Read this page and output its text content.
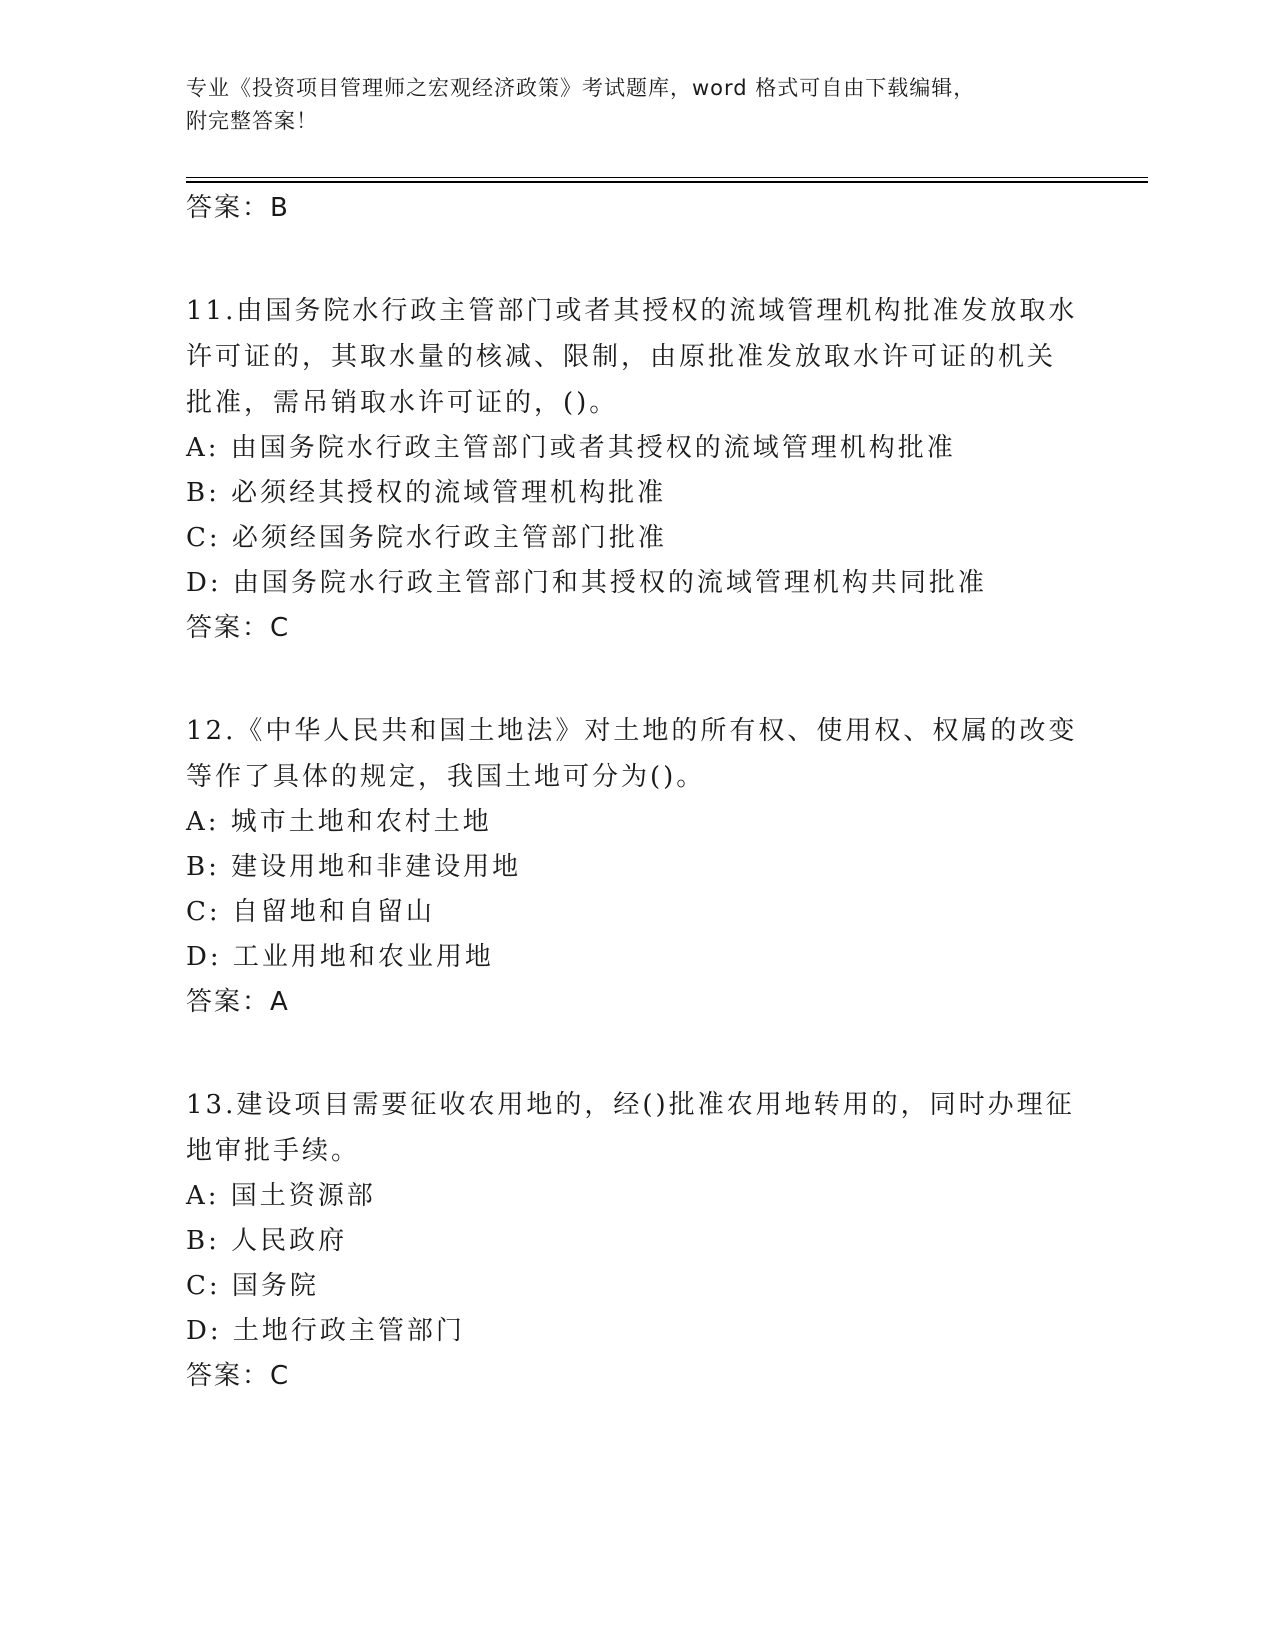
专业《投资项目管理师之宏观经济政策》考试题库，word 格式可自由下载编辑，
附完整答案！
答案：B
11.由国务院水行政主管部门或者其授权的流域管理机构批准发放取水
许可证的，其取水量的核减、限制，由原批准发放取水许可证的机关
批准，需吊销取水许可证的，()。
A: 由国务院水行政主管部门或者其授权的流域管理机构批准
B: 必须经其授权的流域管理机构批准
C: 必须经国务院水行政主管部门批准
D: 由国务院水行政主管部门和其授权的流域管理机构共同批准
答案：C
12.《中华人民共和国土地法》对土地的所有权、使用权、权属的改变
等作了具体的规定，我国土地可分为()。
A: 城市土地和农村土地
B: 建设用地和非建设用地
C: 自留地和自留山
D: 工业用地和农业用地
答案：A
13.建设项目需要征收农用地的，经()批准农用地转用的，同时办理征
地审批手续。
A: 国土资源部
B: 人民政府
C: 国务院
D: 土地行政主管部门
答案：C
